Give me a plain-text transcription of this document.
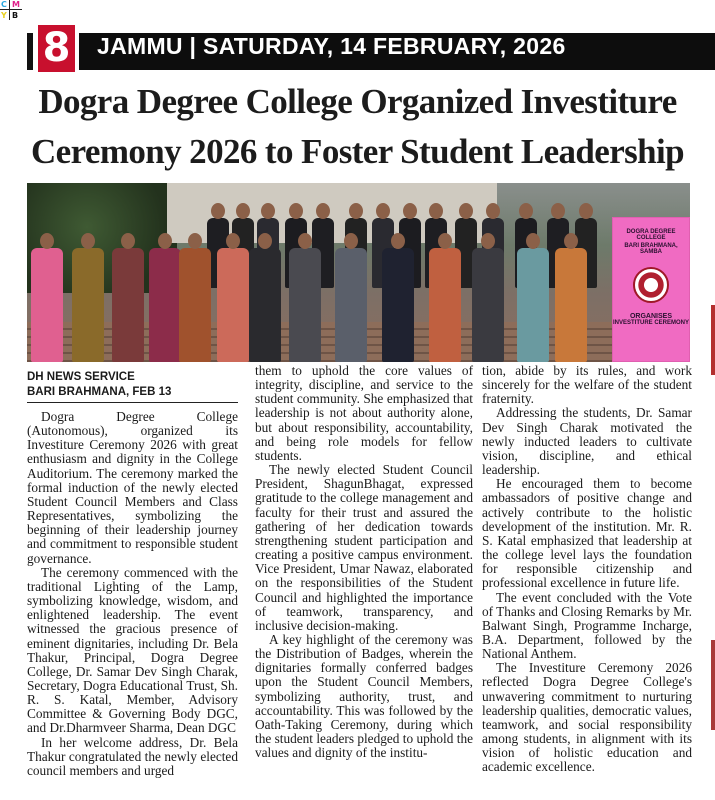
C M
Y B
8 JAMMU | SATURDAY, 14 FEBRUARY, 2026
Dogra Degree College Organized Investiture
Ceremony 2026 to Foster Student Leadership
DOGRA DEGREE COLLEGE
BARI BRAHMANA, SAMBA
ORGANISES
INVESTITURE CEREMONY
DH NEWS SERVICE
BARI BRAHMANA, FEB 13

Dogra Degree College (Autonomous), organized its Investiture Ceremony 2026 with great enthusiasm and dignity in the College Auditorium. The ceremony marked the formal induction of the newly elected Student Council Members and Class Representatives, symbolizing the beginning of their leadership journey and commitment to responsible student governance.

The ceremony commenced with the traditional Lighting of the Lamp, symbolizing knowledge, wisdom, and enlightened leadership. The event witnessed the gracious presence of eminent dignitaries, including Dr. Bela Thakur, Principal, Dogra Degree College, Dr. Samar Dev Singh Charak, Secretary, Dogra Educational Trust, Sh. R. S. Katal, Member, Advisory Committee & Governing Body DGC, and Dr.Dharmveer Sharma, Dean DGC

In her welcome address, Dr. Bela Thakur congratulated the newly elected council members and urged

them to uphold the core values of integrity, discipline, and service to the student community. She emphasized that leadership is not about authority alone, but about responsibility, accountability, and being role models for fellow students.

The newly elected Student Council President, ShagunBhagat, expressed gratitude to the college management and faculty for their trust and assured the gathering of her dedication towards strengthening student participation and creating a positive campus environment. Vice President, Umar Nawaz, elaborated on the responsibilities of the Student Council and highlighted the importance of teamwork, transparency, and inclusive decision-making.

A key highlight of the ceremony was the Distribution of Badges, wherein the dignitaries formally conferred badges upon the Student Council Members, symbolizing authority, trust, and accountability. This was followed by the Oath-Taking Ceremony, during which the student leaders pledged to uphold the values and dignity of the institu-

tion, abide by its rules, and work sincerely for the welfare of the student fraternity.

Addressing the students, Dr. Samar Dev Singh Charak motivated the newly inducted leaders to cultivate vision, discipline, and ethical leadership.

He encouraged them to become ambassadors of positive change and actively contribute to the holistic development of the institution. Mr. R. S. Katal emphasized that leadership at the college level lays the foundation for responsible citizenship and professional excellence in future life.

The event concluded with the Vote of Thanks and Closing Remarks by Mr. Balwant Singh, Programme Incharge, B.A. Department, followed by the National Anthem.

The Investiture Ceremony 2026 reflected Dogra Degree College's unwavering commitment to nurturing leadership qualities, democratic values, teamwork, and social responsibility among students, in alignment with its vision of holistic education and academic excellence.
